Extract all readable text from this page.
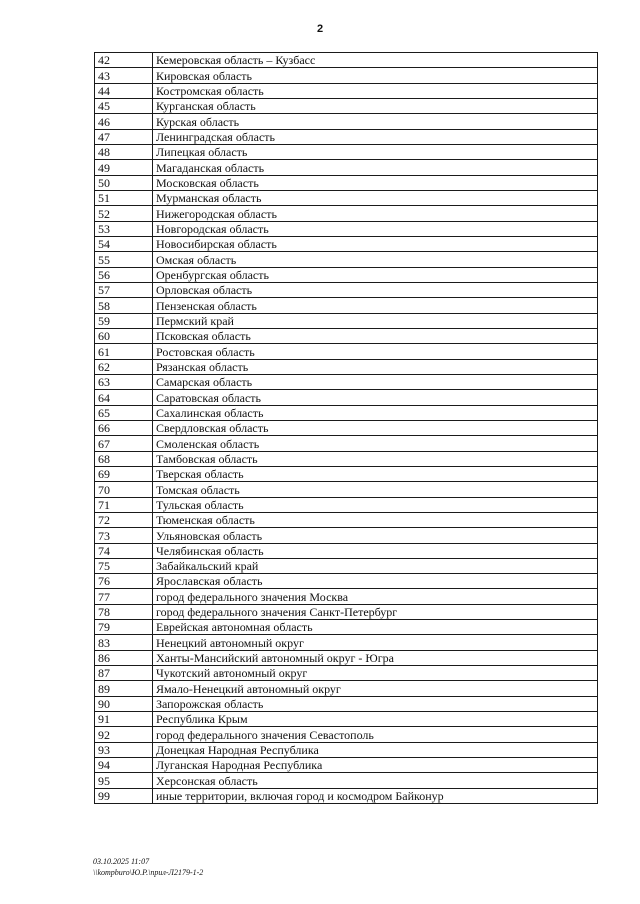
2
42	Кемеровская область – Кузбасс
43	Кировская область
44	Костромская область
45	Курганская область
46	Курская область
47	Ленинградская область
48	Липецкая область
49	Магаданская область
50	Московская область
51	Мурманская область
52	Нижегородская область
53	Новгородская область
54	Новосибирская область
55	Омская область
56	Оренбургская область
57	Орловская область
58	Пензенская область
59	Пермский край
60	Псковская область
61	Ростовская область
62	Рязанская область
63	Самарская область
64	Саратовская область
65	Сахалинская область
66	Свердловская область
67	Смоленская область
68	Тамбовская область
69	Тверская область
70	Томская область
71	Тульская область
72	Тюменская область
73	Ульяновская область
74	Челябинская область
75	Забайкальский край
76	Ярославская область
77	город федерального значения Москва
78	город федерального значения Санкт-Петербург
79	Еврейская автономная область
83	Ненецкий автономный округ
86	Ханты-Мансийский автономный округ - Югра
87	Чукотский автономный округ
89	Ямало-Ненецкий автономный округ
90	Запорожская область
91	Республика Крым
92	город федерального значения Севастополь
93	Донецкая Народная Республика
94	Луганская Народная Республика
95	Херсонская область
99	иные территории, включая город и космодром Байконур
03.10.2025 11:07
\\kompburo\Ю.Р.\прил-Л2179-1-2
